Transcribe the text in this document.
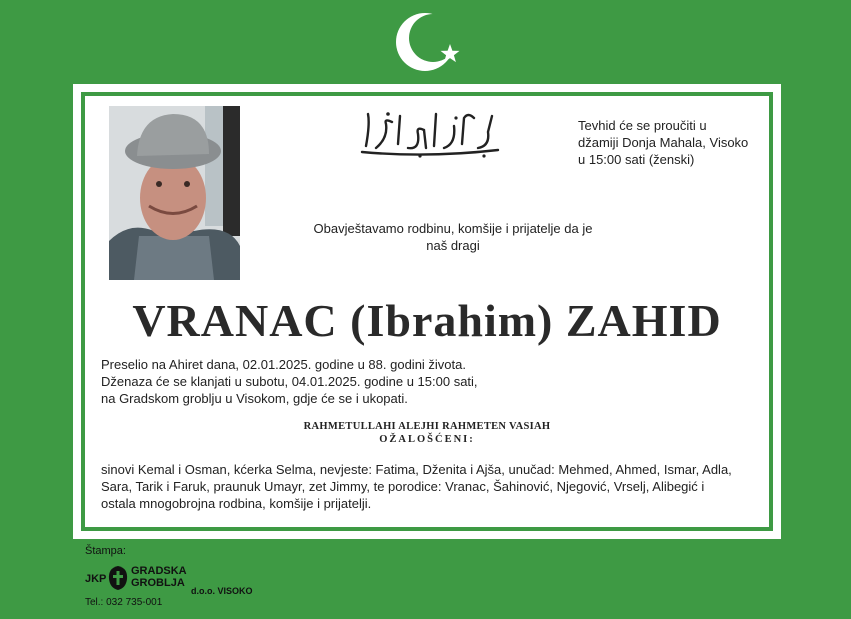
Tevhid će se proučiti u
džamiji Donja Mahala, Visoko
u 15:00 sati (ženski)
Obavještavamo rodbinu, komšije i prijatelje da je
naš dragi
VRANAC (Ibrahim) ZAHID
Preselio na Ahiret dana, 02.01.2025. godine u 88. godini života.
Dženaza će se klanjati u subotu, 04.01.2025. godine u 15:00 sati,
na Gradskom groblju u Visokom, gdje će se i ukopati.
RAHMETULLAHI ALEJHI RAHMETEN VASIAH
OŽALOŠĆENI:
sinovi Kemal i Osman, kćerka Selma, nevjeste: Fatima, Dženita i Ajša, unučad: Mehmed, Ahmed, Ismar, Adla,
Sara, Tarik i Faruk, praunuk Umayr, zet Jimmy, te porodice: Vranac, Šahinović, Njegović, Vrselj, Alibegić i
ostala mnogobrojna rodbina, komšije i prijatelji.
Štampa:
JKP
GRADSKA
GROBLJA
d.o.o. VISOKO
Tel.: 032 735-001
